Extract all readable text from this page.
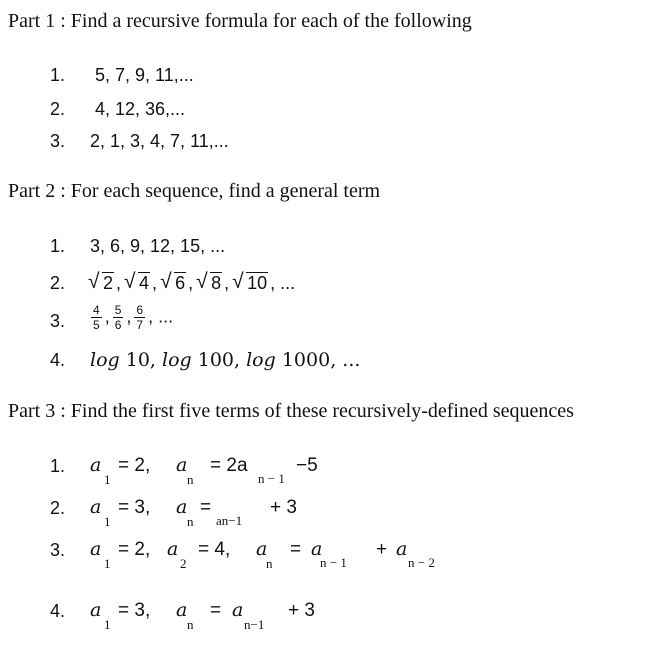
Part 1 : Find a recursive formula for each of the following
1. 5, 7, 9, 11,...
2. 4, 12, 36,...
3. 2, 1, 3, 4, 7, 11,...
Part 2 : For each sequence, find a general term
1. 3, 6, 9, 12, 15, ...
2.
√	2 , √ 4 , √ 6 , √ 8 , √ 10 , ...
3. $\frac{4}{5}$ , $\frac{5}{6}$ , $\frac{6}{7}$ , ...
4. log 10, log 100, log 1000, ...
Part 3 : Find the first five terms of these recursively-defined sequences
1. a
1
= 2, a
n
= 2a
n − 1
−5
2. a
1
= 3, a
n
=
an−1
+ 3
3. a
1
= 2, a
2
= 4, a
n
= a
n − 1
+ a
n − 2
4. a
1
= 3, a
n
= a
n−1
+ 3
